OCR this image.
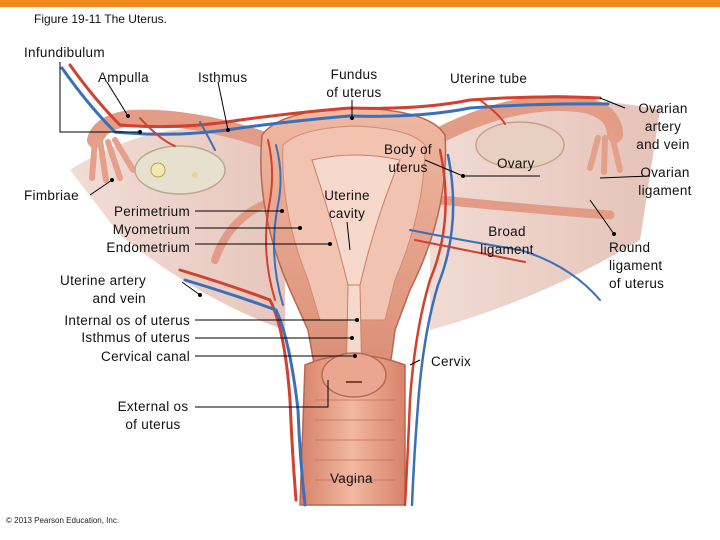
Figure 19-11 The Uterus.
Infundibulum
Ampulla	Isthmus	Fundus
of uterus
Uterine tube
Ovarian
artery
and vein
Body of
uterus	Ovary
Ovarian
ligament
Fimbriae	Uterine
cavity
Perimetrium
Myometrium
Endometrium
Broad
ligament	Round
ligament
of uterus
Uterine artery
and vein
Internal os of uterus
Isthmus of uterus
Cervical canal	Cervix
External os
of uterus
Vagina
© 2013 Pearson Education, Inc.
